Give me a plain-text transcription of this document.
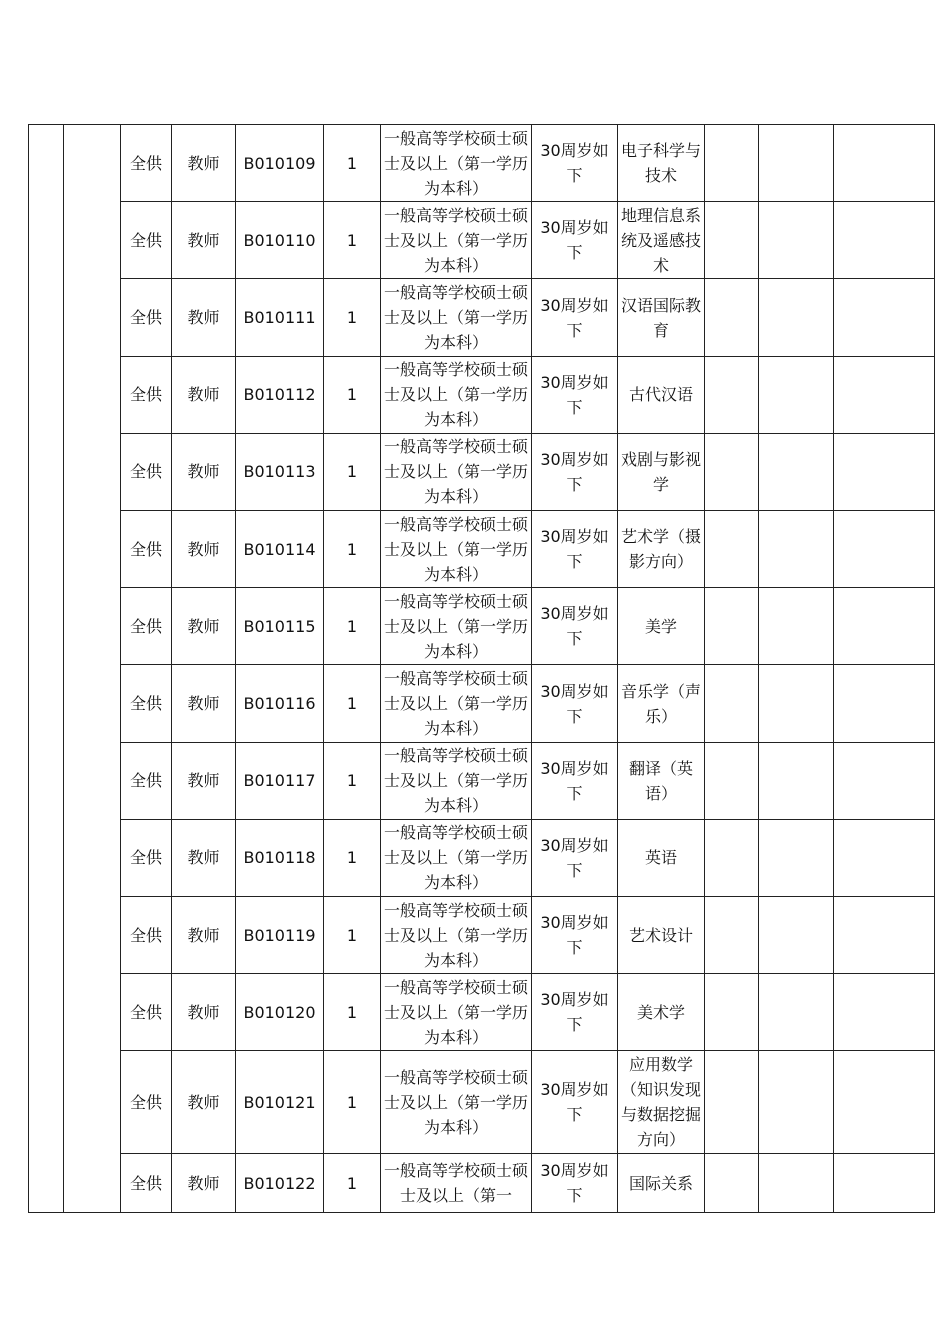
		全供	教师	B010109	1	一般高等学校硕士硕士及以上（第一学历为本科）	30周岁如下	电子科学与技术			
		全供	教师	B010110	1	一般高等学校硕士硕士及以上（第一学历为本科）	30周岁如下	地理信息系统及遥感技术			
		全供	教师	B010111	1	一般高等学校硕士硕士及以上（第一学历为本科）	30周岁如下	汉语国际教育			
		全供	教师	B010112	1	一般高等学校硕士硕士及以上（第一学历为本科）	30周岁如下	古代汉语			
		全供	教师	B010113	1	一般高等学校硕士硕士及以上（第一学历为本科）	30周岁如下	戏剧与影视学			
		全供	教师	B010114	1	一般高等学校硕士硕士及以上（第一学历为本科）	30周岁如下	艺术学（摄影方向）			
		全供	教师	B010115	1	一般高等学校硕士硕士及以上（第一学历为本科）	30周岁如下	美学			
		全供	教师	B010116	1	一般高等学校硕士硕士及以上（第一学历为本科）	30周岁如下	音乐学（声乐）			
		全供	教师	B010117	1	一般高等学校硕士硕士及以上（第一学历为本科）	30周岁如下	翻译（英语）			
		全供	教师	B010118	1	一般高等学校硕士硕士及以上（第一学历为本科）	30周岁如下	英语			
		全供	教师	B010119	1	一般高等学校硕士硕士及以上（第一学历为本科）	30周岁如下	艺术设计			
		全供	教师	B010120	1	一般高等学校硕士硕士及以上（第一学历为本科）	30周岁如下	美术学			
		全供	教师	B010121	1	一般高等学校硕士硕士及以上（第一学历为本科）	30周岁如下	应用数学（知识发现与数据挖掘方向）			
		全供	教师	B010122	1	一般高等学校硕士硕士及以上（第一	30周岁如下	国际关系			
